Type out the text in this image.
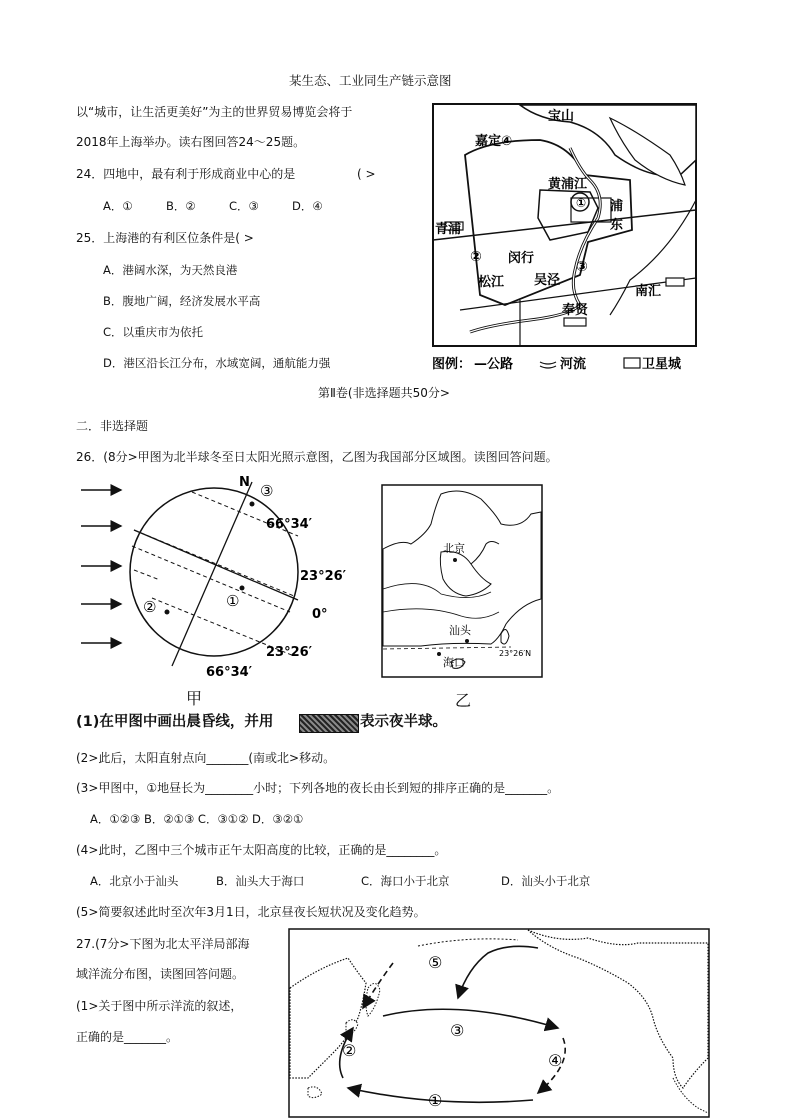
某生态、工业同生产链示意图
以“城市，让生活更美好”为主的世界贸易博览会将于
2018年上海举办。读右图回答24～25题。
24．四地中，最有利于形成商业中心的是	( >
A．①	B．②	C．③	D．④
25．上海港的有利区位条件是( >
A．港阔水深，为天然良港
B．腹地广阔，经济发展水平高
C．以重庆市为依托
D．港区沿长江分布，水域宽阔，通航能力强
宝山
嘉定④
黄浦江
① 浦
东
青浦
② 闵行
松江 吴泾
③
南汇
奉贤
图例： —公路	河流	卫星城
第Ⅱ卷(非选择题共50分>
二．非选择题
26．(8分>甲图为北半球冬至日太阳光照示意图，乙图为我国部分区域图。读图回答问题。
N ③
66°34′
23°26′
0°
①
②
23°26′
66°34′
甲
北京
汕头
海口
23°26′N
乙
(1)在甲图中画出晨昏线，并用	表示夜半球。
(2>此后，太阳直射点向_______(南或北>移动。
(3>甲图中，①地昼长为________小时；下列各地的夜长由长到短的排序正确的是_______。
A．①②③ B．②①③ C．③①② D．③②①
(4>此时，乙图中三个城市正午太阳高度的比较，正确的是________。
A．北京小于汕头	B．汕头大于海口	C．海口小于北京	D．汕头小于北京
(5>简要叙述此时至次年3月1日，北京昼夜长短状况及变化趋势。
27.(7分>下图为北太平洋局部海
域洋流分布图，读图回答问题。
(1>关于图中所示洋流的叙述，
正确的是_______。
⑤
③
②
④
①
